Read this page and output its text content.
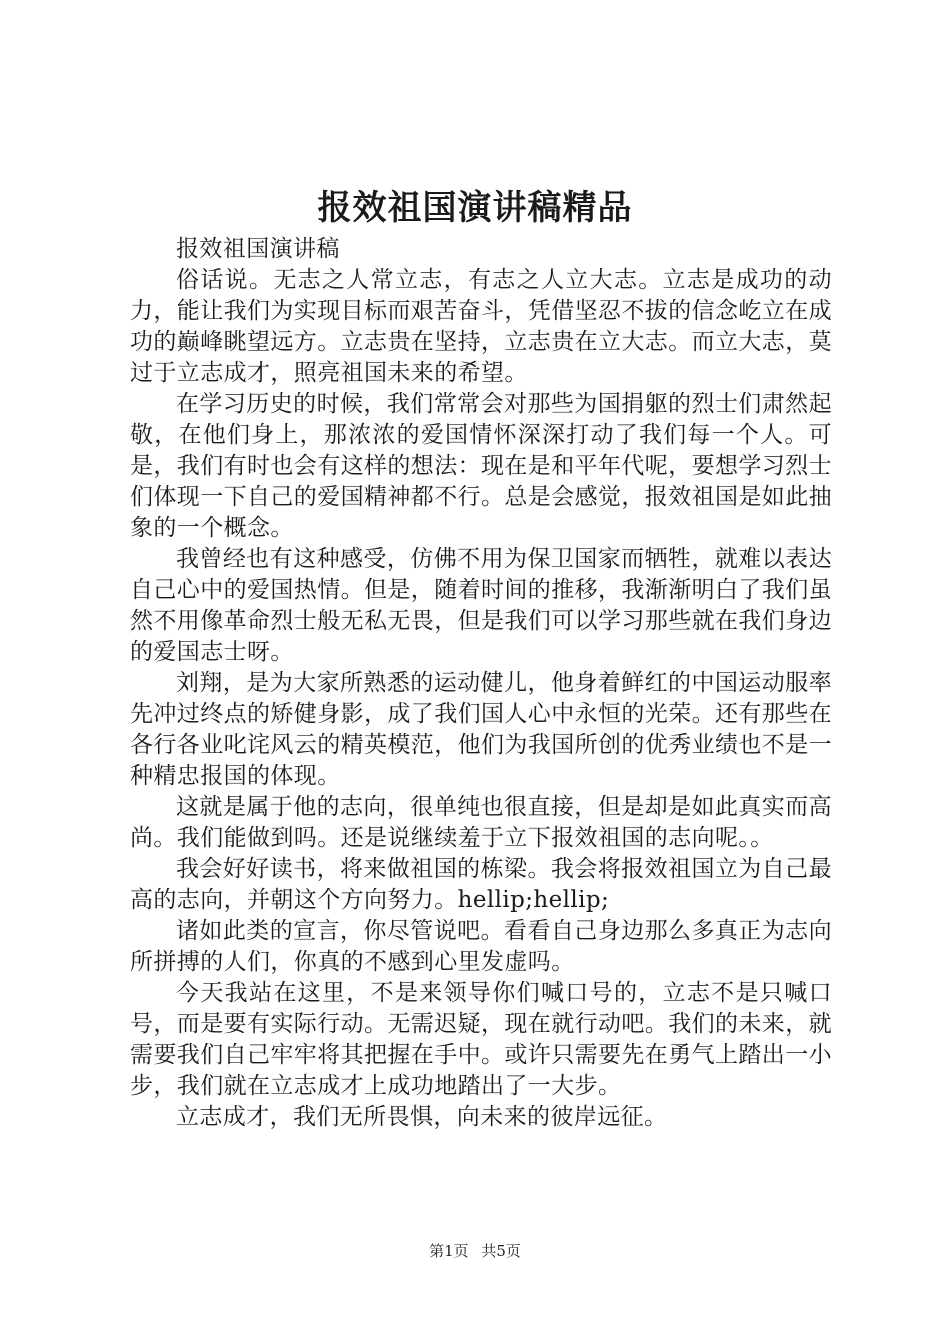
报效祖国演讲稿精品

报效祖国演讲稿

俗话说。无志之人常立志，有志之人立大志。立志是成功的动力，能让我们为实现目标而艰苦奋斗，凭借坚忍不拔的信念屹立在成功的巅峰眺望远方。立志贵在坚持，立志贵在立大志。而立大志，莫过于立志成才，照亮祖国未来的希望。

在学习历史的时候，我们常常会对那些为国捐躯的烈士们肃然起敬，在他们身上，那浓浓的爱国情怀深深打动了我们每一个人。可是，我们有时也会有这样的想法：现在是和平年代呢，要想学习烈士们体现一下自己的爱国精神都不行。总是会感觉，报效祖国是如此抽象的一个概念。

我曾经也有这种感受，仿佛不用为保卫国家而牺牲，就难以表达自己心中的爱国热情。但是，随着时间的推移，我渐渐明白了我们虽然不用像革命烈士般无私无畏，但是我们可以学习那些就在我们身边的爱国志士呀。

刘翔，是为大家所熟悉的运动健儿，他身着鲜红的中国运动服率先冲过终点的矫健身影，成了我们国人心中永恒的光荣。还有那些在各行各业叱诧风云的精英模范，他们为我国所创的优秀业绩也不是一种精忠报国的体现。

这就是属于他的志向，很单纯也很直接，但是却是如此真实而高尚。我们能做到吗。还是说继续羞于立下报效祖国的志向呢。。

我会好好读书，将来做祖国的栋梁。我会将报效祖国立为自己最高的志向，并朝这个方向努力。hellip;hellip;

诸如此类的宣言，你尽管说吧。看看自己身边那么多真正为志向所拼搏的人们，你真的不感到心里发虚吗。

今天我站在这里，不是来领导你们喊口号的，立志不是只喊口号，而是要有实际行动。无需迟疑，现在就行动吧。我们的未来，就需要我们自己牢牢将其把握在手中。或许只需要先在勇气上踏出一小步，我们就在立志成才上成功地踏出了一大步。

立志成才，我们无所畏惧，向未来的彼岸远征。

第1页 共5页
